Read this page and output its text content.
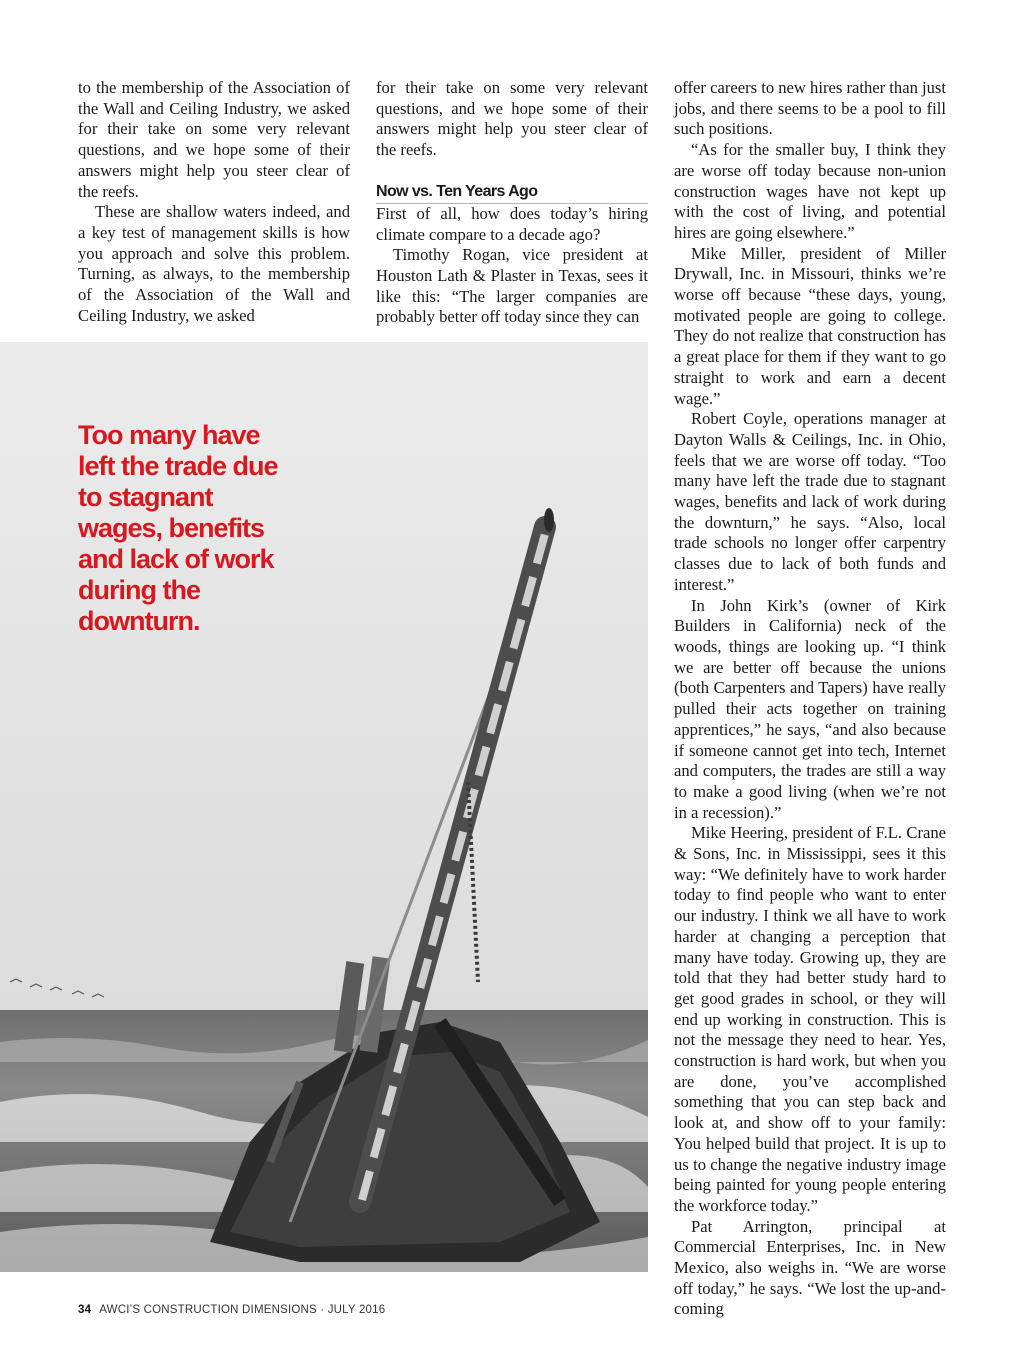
to the membership of the Association of the Wall and Ceiling Industry, we asked for their take on some very relevant questions, and we hope some of their answers might help you steer clear of the reefs.

These are shallow waters indeed, and a key test of management skills is how you approach and solve this problem. Turning, as always, to the membership of the Association of the Wall and Ceiling Industry, we asked

for their take on some very relevant questions, and we hope some of their answers might help you steer clear of the reefs.

Now vs. Ten Years Ago

First of all, how does today’s hiring climate compare to a decade ago?

Timothy Rogan, vice president at Houston Lath & Plaster in Texas, sees it like this: “The larger companies are probably better off today since they can

offer careers to new hires rather than just jobs, and there seems to be a pool to fill such positions.

“As for the smaller buy, I think they are worse off today because non-union construction wages have not kept up with the cost of living, and potential hires are going elsewhere.”

Mike Miller, president of Miller Drywall, Inc. in Missouri, thinks we’re worse off because “these days, young, motivated people are going to college. They do not realize that construction has a great place for them if they want to go straight to work and earn a decent wage.”

Robert Coyle, operations manager at Dayton Walls & Ceilings, Inc. in Ohio, feels that we are worse off today. “Too many have left the trade due to stagnant wages, benefits and lack of work during the downturn,” he says. “Also, local trade schools no longer offer carpentry classes due to lack of both funds and interest.”

In John Kirk’s (owner of Kirk Builders in California) neck of the woods, things are looking up. “I think we are better off because the unions (both Carpenters and Tapers) have really pulled their acts together on training apprentices,” he says, “and also because if someone cannot get into tech, Internet and computers, the trades are still a way to make a good living (when we’re not in a recession).”

Mike Heering, president of F.L. Crane & Sons, Inc. in Mississippi, sees it this way: “We definitely have to work harder today to find people who want to enter our industry. I think we all have to work harder at changing a perception that many have today. Growing up, they are told that they had better study hard to get good grades in school, or they will end up working in construction. This is not the message they need to hear. Yes, construction is hard work, but when you are done, you’ve accomplished something that you can step back and look at, and show off to your family: You helped build that project. It is up to us to change the negative industry image being painted for young people entering the workforce today.”

Pat Arrington, principal at Commercial Enterprises, Inc. in New Mexico, also weighs in. “We are worse off today,” he says. “We lost the up-and-coming

Too many have left the trade due to stagnant wages, benefits and lack of work during the downturn.

34 AWCI’S CONSTRUCTION DIMENSIONS · JULY 2016
